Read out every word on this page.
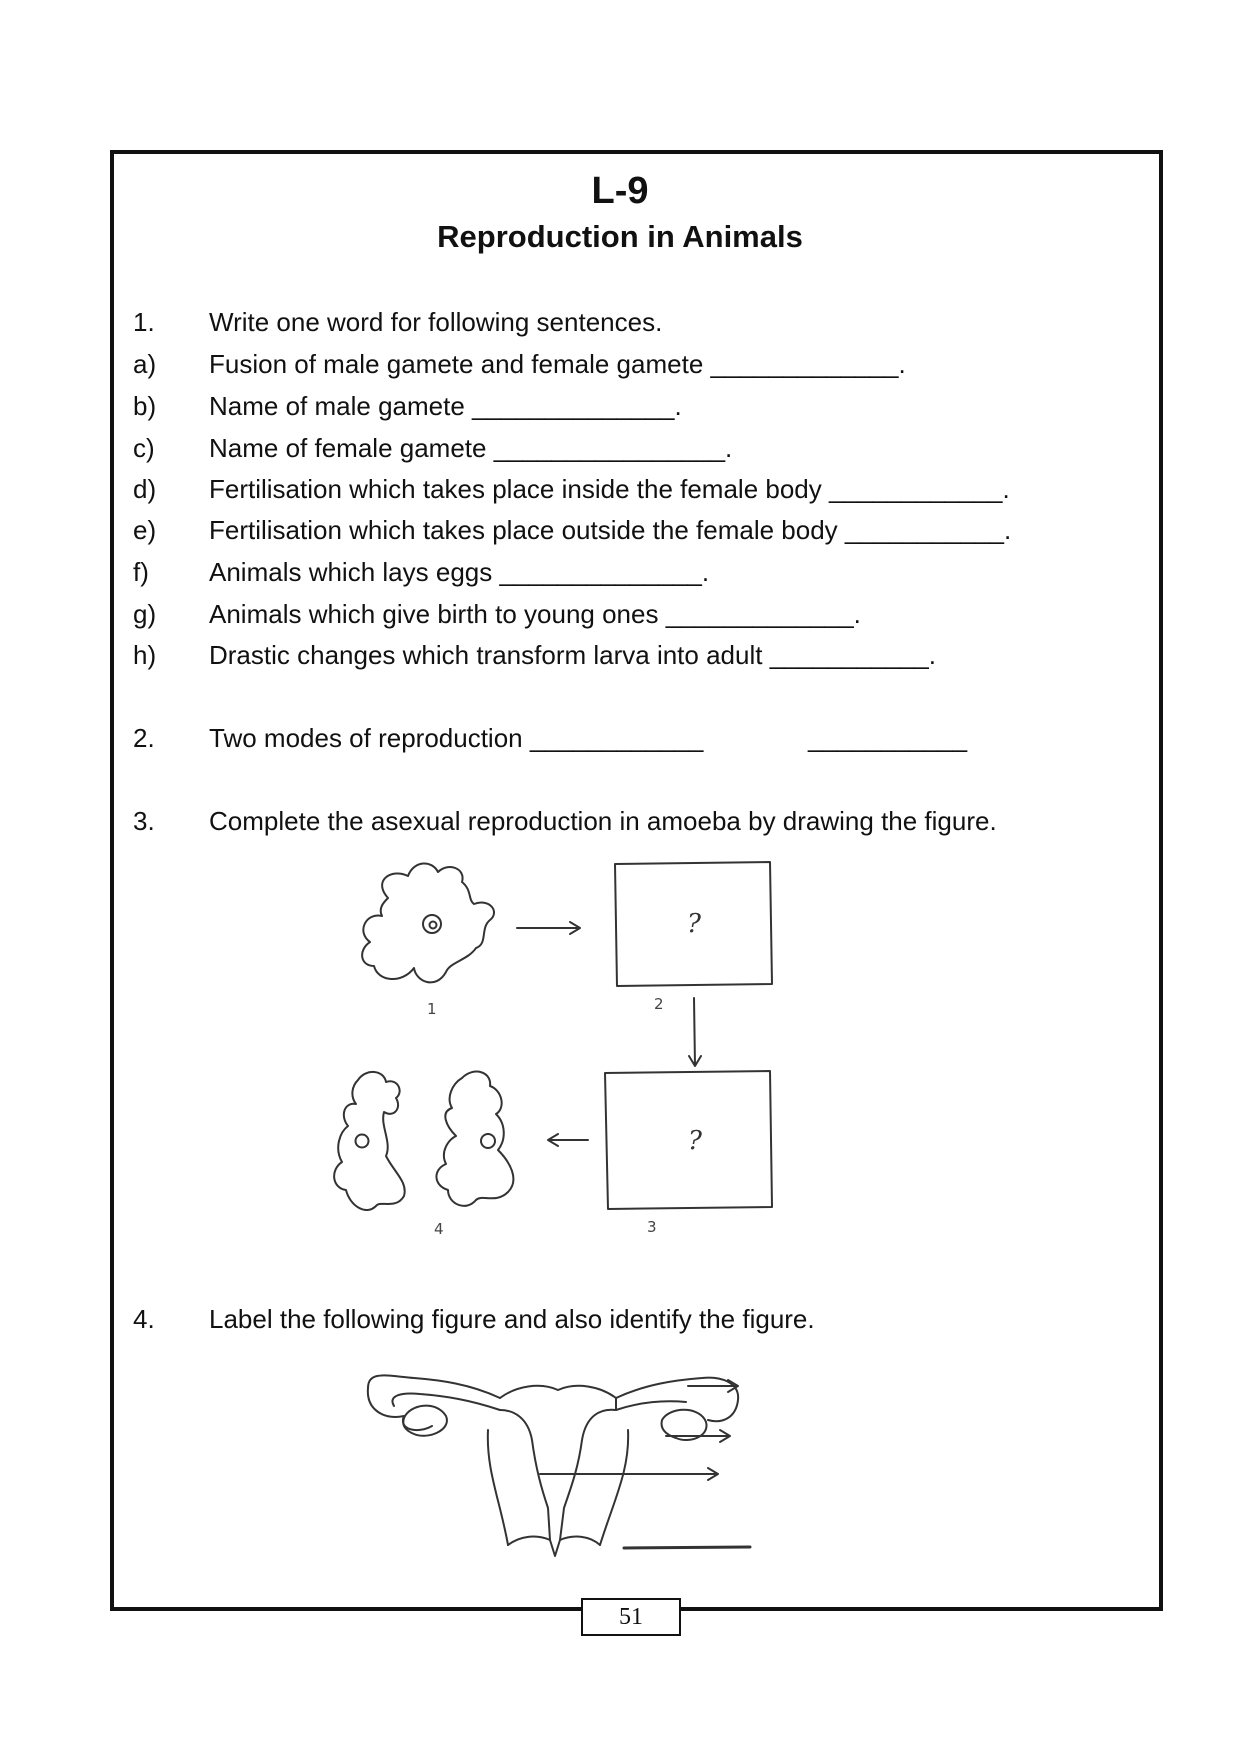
L-9
Reproduction in Animals
1. Write one word for following sentences.
a) Fusion of male gamete and female gamete _____________.
b) Name of male gamete ______________.
c) Name of female gamete ________________.
d) Fertilisation which takes place inside the female body ____________.
e) Fertilisation which takes place outside the female body ___________.
f) Animals which lays eggs ______________.
g) Animals which give birth to young ones _____________.
h) Drastic changes which transform larva into adult ___________.
2. Two modes of reproduction ____________	___________
3. Complete the asexual reproduction in amoeba by drawing the figure.
?
?
1	2
3
4
4. Label the following figure and also identify the figure.
51
